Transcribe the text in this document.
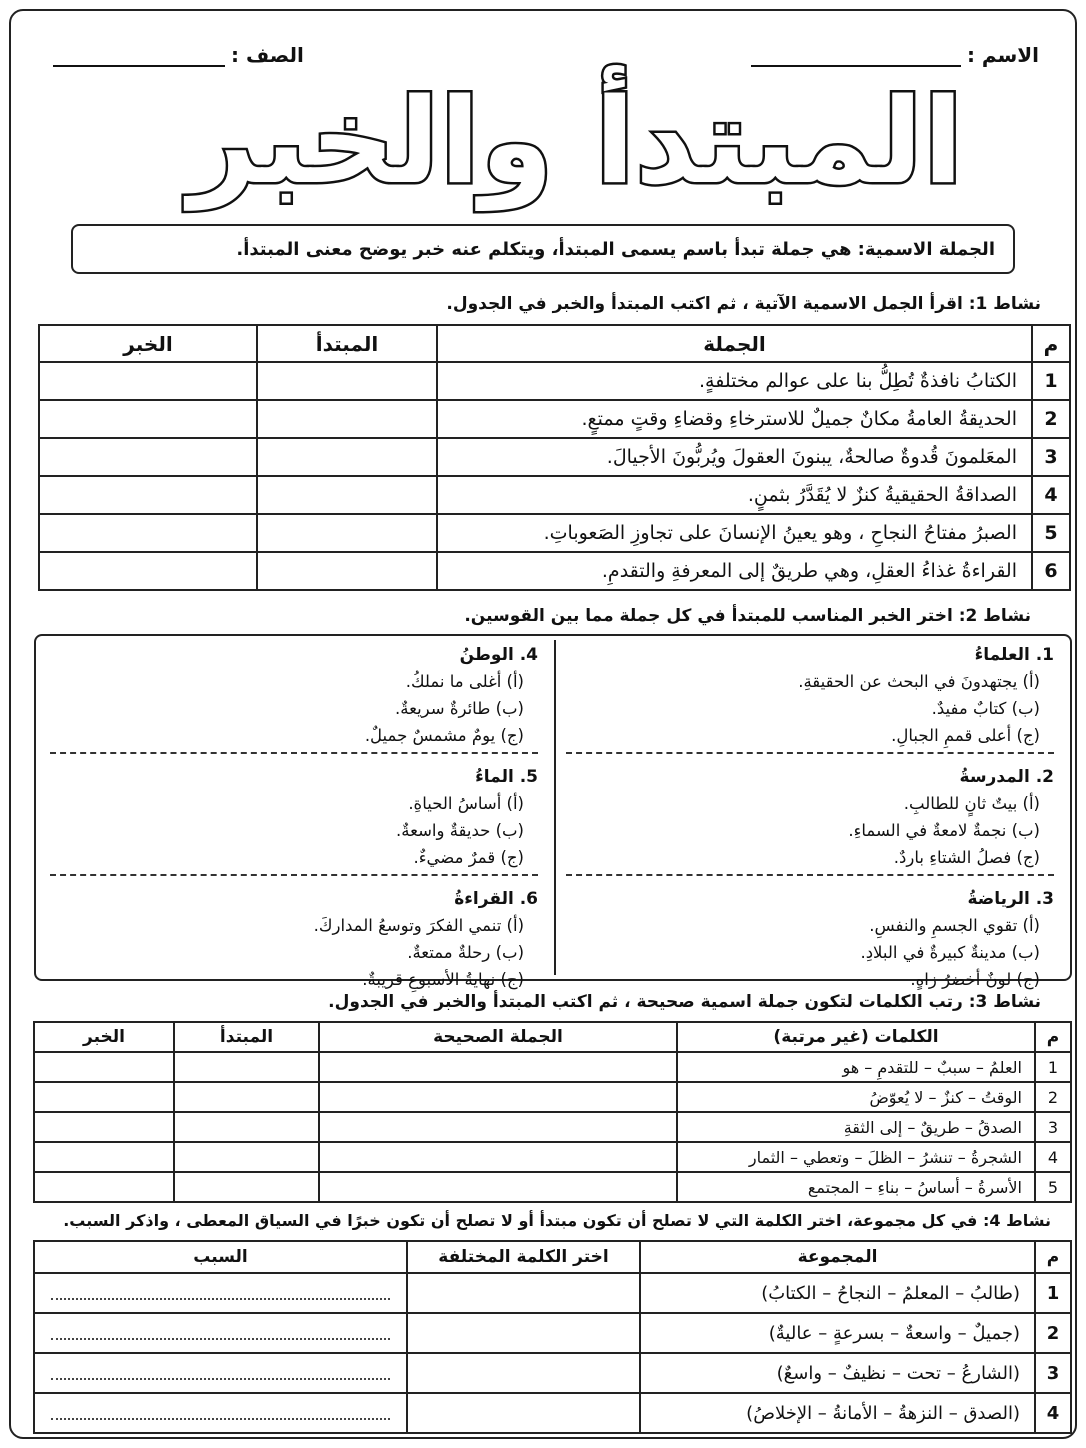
الاسم :
الصف :
المبتدأ والخبر
الجملة الاسمية: هي جملة تبدأ باسم يسمى المبتدأ، ويتكلم عنه خبر يوضح معنى المبتدأ.
نشاط 1: اقرأ الجمل الاسمية الآتية ، ثم اكتب المبتدأ والخبر في الجدول.
م	الجملة	المبتدأ	الخبر
1	الكتابُ نافذةٌ تُطِلُّ بنا على عوالم مختلفةٍ.		
2	الحديقةُ العامةُ مكانٌ جميلٌ للاسترخاءِ وقضاءِ وقتٍ ممتعٍ.		
3	المعَلمونَ قُدوةٌ صالحةٌ، يبنونَ العقولَ ويُربُّونَ الأجيالَ.		
4	الصداقةُ الحقيقيةُ كنزٌ لا يُقَدَّرُ بثمنٍ.		
5	الصبرُ مفتاحُ النجاحِ ، وهو يعينُ الإنسانَ على تجاوزِ الصَعوباتِ.		
6	القراءةُ غذاءُ العقلِ، وهي طريقٌ إلى المعرفةِ والتقدمِ.		
نشاط 2: اختر الخبر المناسب للمبتدأ في كل جملة مما بين القوسين.
1. العلماءُ
(أ) يجتهدونَ في البحث عن الحقيقةِ.
(ب) كتابٌ مفيدٌ.
(ج) أعلى قممِ الجبالِ.
2. المدرسةُ
(أ) بيتٌ ثانٍ للطالبِ.
(ب) نجمةٌ لامعةٌ في السماءِ.
(ج) فصلُ الشتاءِ باردٌ.
3. الرياضةُ
(أ) تقوي الجسمِ والنفسِ.
(ب) مدينةٌ كبيرةٌ في البلادِ.
(ج) لونٌ أخضرُ زاهٍ.
4. الوطنُ
(أ) أغلى ما نملكُ.
(ب) طائرةٌ سريعةٌ.
(ج) يومٌ مشمسٌ جميلٌ.
5. الماءُ
(أ) أساسُ الحياةِ.
(ب) حديقةٌ واسعةٌ.
(ج) قمرٌ مضيءٌ.
6. القراءةُ
(أ) تنمي الفكرَ وتوسعُ المداركَ.
(ب) رحلةٌ ممتعةٌ.
(ج) نهايةُ الأسبوعِ قريبةٌ.
نشاط 3: رتب الكلمات لتكون جملة اسمية صحيحة ، ثم اكتب المبتدأ والخبر في الجدول.
م	الكلمات (غير مرتبة)	الجملة الصحيحة	المبتدأ	الخبر
1	العلمُ – سببٌ – للتقدمِ – هو			
2	الوقتُ – كنزٌ – لا يُعوّضُ			
3	الصدقُ – طريقٌ – إلى الثقةِ			
4	الشجرةُ – تنشرُ – الظلَ – وتعطي – الثمار			
5	الأسرةُ – أساسُ – بناءِ – المجتمع			
نشاط 4: في كل مجموعة، اختر الكلمة التي لا تصلح أن تكون مبتدأ أو لا تصلح أن تكون خبرًا في السياق المعطى ، واذكر السبب.
م	المجموعة	اختر الكلمة المختلفة	السبب
1	(طالبُ – المعلمُ – النجاحُ – الكتابُ)		

2	(جميلٌ – واسعةٌ – بسرعةٍ – عاليةٌ)		

3	(الشارعُ – تحت – نظيفٌ – واسعٌ)		

4	(الصدق – النزهةُ – الأمانةُ – الإخلاصُ)		
